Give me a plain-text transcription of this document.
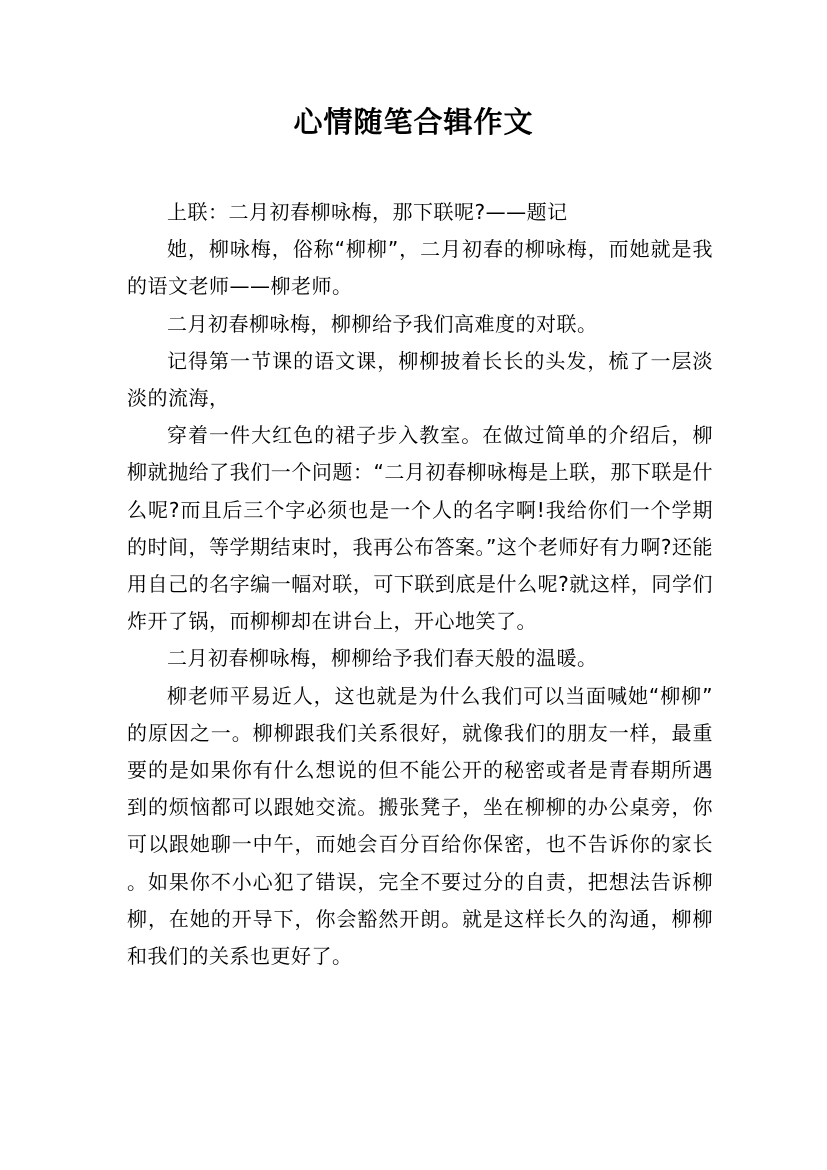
心情随笔合辑作文

上联：二月初春柳咏梅，那下联呢?——题记

她，柳咏梅，俗称“柳柳”，二月初春的柳咏梅，而她就是我的语文老师——柳老师。

二月初春柳咏梅，柳柳给予我们高难度的对联。

记得第一节课的语文课，柳柳披着长长的头发，梳了一层淡淡的流海，

穿着一件大红色的裙子步入教室。在做过简单的介绍后，柳柳就抛给了我们一个问题：“二月初春柳咏梅是上联，那下联是什么呢?而且后三个字必须也是一个人的名字啊!我给你们一个学期的时间，等学期结束时，我再公布答案。”这个老师好有力啊?还能用自己的名字编一幅对联，可下联到底是什么呢?就这样，同学们炸开了锅，而柳柳却在讲台上，开心地笑了。

二月初春柳咏梅，柳柳给予我们春天般的温暖。

柳老师平易近人，这也就是为什么我们可以当面喊她“柳柳”的原因之一。柳柳跟我们关系很好，就像我们的朋友一样，最重要的是如果你有什么想说的但不能公开的秘密或者是青春期所遇到的烦恼都可以跟她交流。搬张凳子，坐在柳柳的办公桌旁，你可以跟她聊一中午，而她会百分百给你保密，也不告诉你的家长。如果你不小心犯了错误，完全不要过分的自责，把想法告诉柳柳，在她的开导下，你会豁然开朗。就是这样长久的沟通，柳柳和我们的关系也更好了。
